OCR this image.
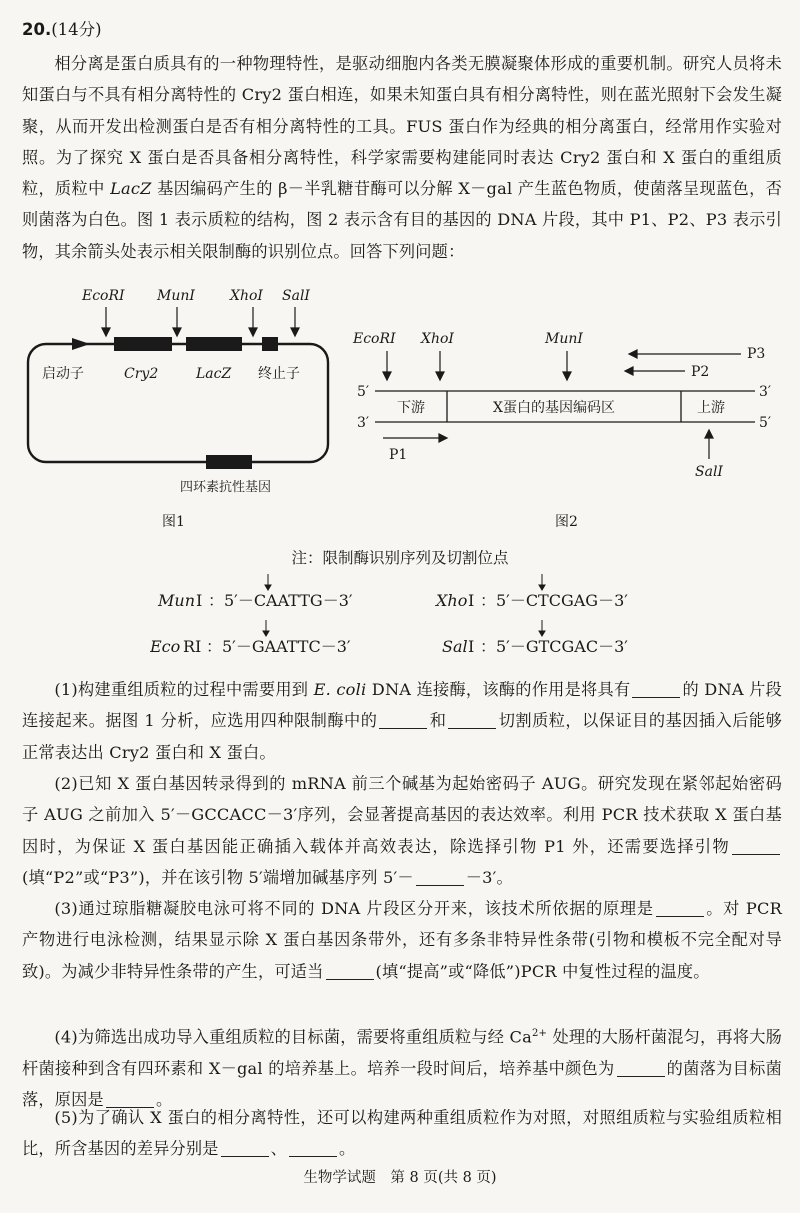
20.(14分)

相分离是蛋白质具有的一种物理特性，是驱动细胞内各类无膜凝聚体形成的重要机制。研究人员将未知蛋白与不具有相分离特性的 Cry2 蛋白相连，如果未知蛋白具有相分离特性，则在蓝光照射下会发生凝聚，从而开发出检测蛋白是否有相分离特性的工具。FUS 蛋白作为经典的相分离蛋白，经常用作实验对照。为了探究 X 蛋白是否具备相分离特性，科学家需要构建能同时表达 Cry2 蛋白和 X 蛋白的重组质粒，质粒中 LacZ 基因编码产生的 β－半乳糖苷酶可以分解 X－gal 产生蓝色物质，使菌落呈现蓝色，否则菌落为白色。图 1 表示质粒的结构，图 2 表示含有目的基因的 DNA 片段，其中 P1、P2、P3 表示引物，其余箭头处表示相关限制酶的识别位点。回答下列问题：

EcoRⅠ MunⅠ	XhoⅠ SalⅠ
启动子	Cry2	LacZ 终止子
四环素抗性基因
图1
EcoRⅠ XhoⅠ	MunⅠ
P3
P2
P1
5′	3′
3′	5′
下游	X蛋白的基因编码区	上游
SalⅠ
图2
注：限制酶识别序列及切割位点
Mun Ⅰ ：5′－CAATTG－3′	Xho Ⅰ ：5′－CTCGAG－3′
Eco RⅠ ：5′－GAATTC－3′	Sal Ⅰ ：5′－GTCGAC－3′

(1)构建重组质粒的过程中需要用到 E. coli DNA 连接酶，该酶的作用是将具有	的 DNA 片段连接起来。据图 1 分析，应选用四种限制酶中的	和	切割质粒，以保证目的基因插入后能够正常表达出 Cry2 蛋白和 X 蛋白。

(2)已知 X 蛋白基因转录得到的 mRNA 前三个碱基为起始密码子 AUG。研究发现在紧邻起始密码子 AUG 之前加入 5′－GCCACC－3′序列，会显著提高基因的表达效率。利用 PCR 技术获取 X 蛋白基因时，为保证 X 蛋白基因能正确插入载体并高效表达，除选择引物 P1 外，还需要选择引物(填“P2”或“P3”)，并在该引物 5′端增加碱基序列 5′－	－3′。

(3)通过琼脂糖凝胶电泳可将不同的 DNA 片段区分开来，该技术所依据的原理是	。对 PCR 产物进行电泳检测，结果显示除 X 蛋白基因条带外，还有多条非特异性条带(引物和模板不完全配对导致)。为减少非特异性条带的产生，可适当	(填“提高”或“降低”)PCR 中复性过程的温度。

(4)为筛选出成功导入重组质粒的目标菌，需要将重组质粒与经 $Ca^{2+}$ 处理的大肠杆菌混匀，再将大肠杆菌接种到含有四环素和 X－gal 的培养基上。培养一段时间后，培养基中颜色为	的菌落为目标菌落，原因是	。

(5)为了确认 X 蛋白的相分离特性，还可以构建两种重组质粒作为对照，对照组质粒与实验组质粒相比，所含基因的差异分别是	、	。

生物学试题　第 8 页(共 8 页)
